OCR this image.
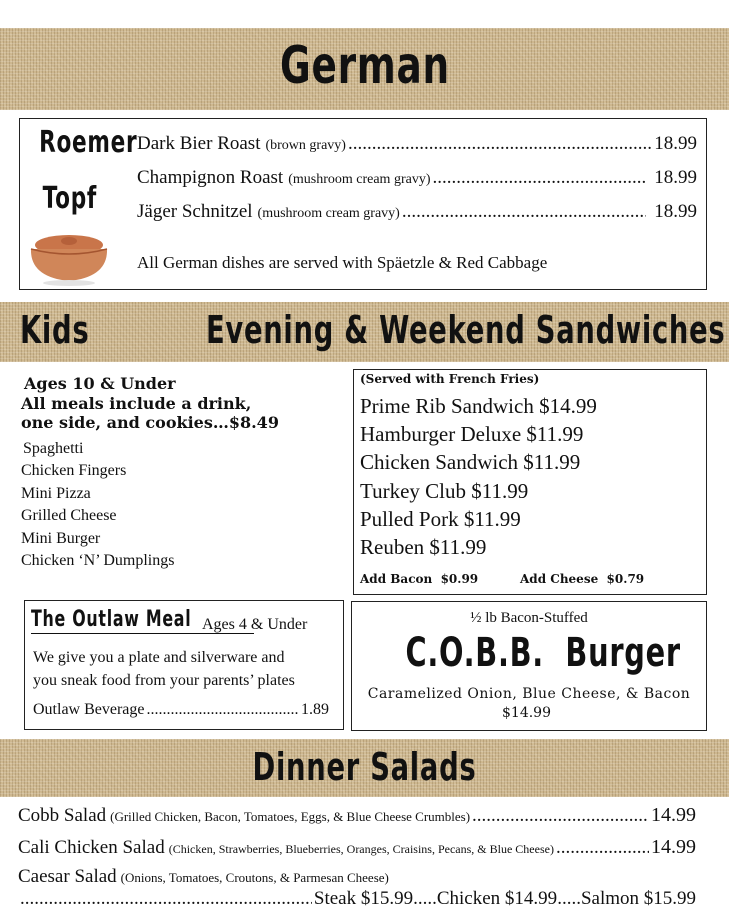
German
Roemer
Topf
Dark Bier Roast (brown gravy) .....	18.99
Champignon Roast (mushroom cream gravy) .....	18.99
Jäger Schnitzel (mushroom cream gravy) .....	18.99
All German dishes are served with Späetzle & Red Cabbage
Kids	Evening & Weekend Sandwiches
Ages 10 & Under
All meals include a drink,
one side, and cookies…$8.49
Spaghetti
Chicken Fingers
Mini Pizza
Grilled Cheese
Mini Burger
Chicken ‘N’ Dumplings
(Served with French Fries)
Prime Rib Sandwich $14.99
Hamburger Deluxe $11.99
Chicken Sandwich $11.99
Turkey Club $11.99
Pulled Pork $11.99
Reuben $11.99
Add Bacon  $0.99	Add Cheese  $0.79
The Outlaw Meal Ages 4 & Under
We give you a plate and silverware and
you sneak food from your parents’ plates
Outlaw Beverage .....	1.89
½ lb Bacon-Stuffed
C.O.B.B.  Burger
Caramelized Onion, Blue Cheese, & Bacon
$14.99
Dinner Salads
Cobb Salad (Grilled Chicken, Bacon, Tomatoes, Eggs, & Blue Cheese Crumbles) .....	14.99
Cali Chicken Salad (Chicken, Strawberries, Blueberries, Oranges, Craisins, Pecans, & Blue Cheese) .....	14.99
Caesar Salad (Onions, Tomatoes, Croutons, & Parmesan Cheese)
.....
Steak $15.99 ..... Chicken $14.99 ..... Salmon $15.99
